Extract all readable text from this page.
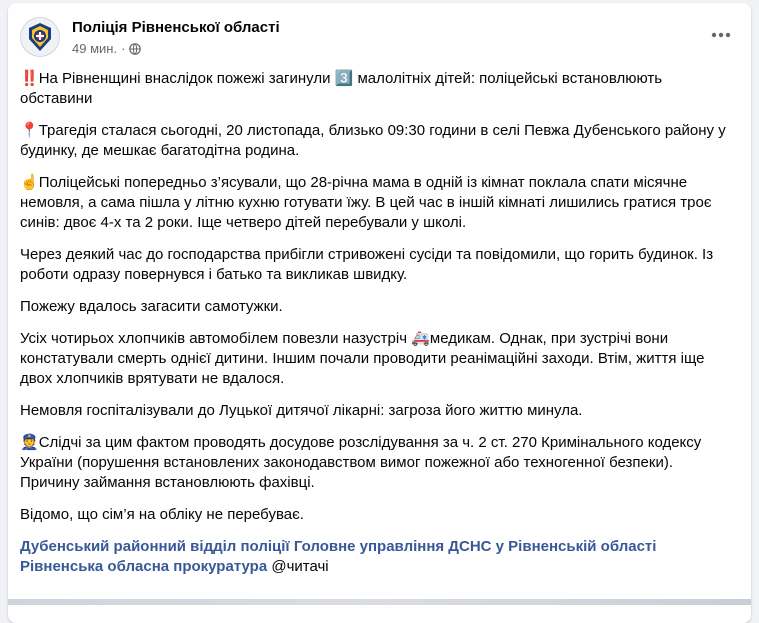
Поліція Рівненської області
49 мин. ·

‼️На Рівненщині внаслідок пожежі загинули 3️⃣ малолітніх дітей: поліцейські встановлюють обставини

📍Трагедія сталася сьогодні, 20 листопада, близько 09:30 години в селі Певжа Дубенського району у будинку, де мешкає багатодітна родина.

☝️Поліцейські попередньо з’ясували, що 28-річна мама в одній із кімнат поклала спати місячне немовля, а сама пішла у літню кухню готувати їжу. В цей час в іншій кімнаті лишились гратися троє синів: двоє 4-х та 2 роки. Іще четверо дітей перебували у школі.

Через деякий час до господарства прибігли стривожені сусіди та повідомили, що горить будинок. Із роботи одразу повернувся і батько та викликав швидку.

Пожежу вдалось загасити самотужки.

Усіх чотирьох хлопчиків автомобілем повезли назустріч 🚑медикам. Однак, при зустрічі вони констатували смерть однієї дитини. Іншим почали проводити реанімаційні заходи. Втім, життя іще двох хлопчиків врятувати не вдалося.

Немовля госпіталізували до Луцької дитячої лікарні: загроза його життю минула.

👮Слідчі за цим фактом проводять досудове розслідування за ч. 2 ст. 270 Кримінального кодексу України (порушення встановлених законодавством вимог пожежної або техногенної безпеки). Причину займання встановлюють фахівці.

Відомо, що сім’я на обліку не перебуває.

Дубенський районний відділ поліції Головне управління ДСНС у Рівненській області Рівненська обласна прокуратура @читачі
